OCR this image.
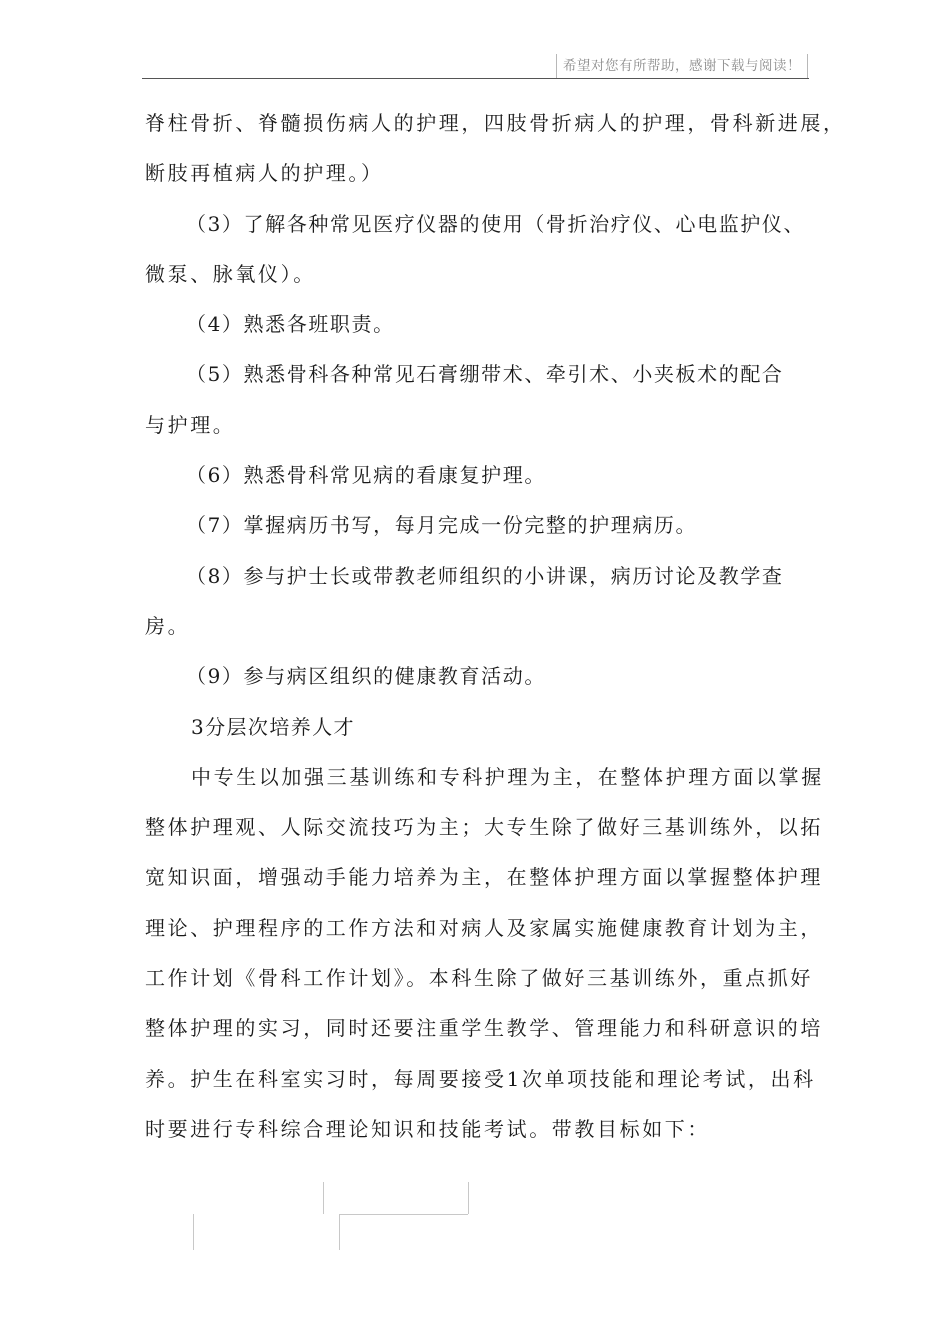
希望对您有所帮助，感谢下载与阅读！
脊柱骨折、脊髓损伤病人的护理，四肢骨折病人的护理，骨科新进展，
断肢再植病人的护理。）
（3）了解各种常见医疗仪器的使用（骨折治疗仪、心电监护仪、
微泵、脉氧仪）。
（4）熟悉各班职责。
（5）熟悉骨科各种常见石膏绷带术、牵引术、小夹板术的配合
与护理。
（6）熟悉骨科常见病的看康复护理。
（7）掌握病历书写，每月完成一份完整的护理病历。
（8）参与护士长或带教老师组织的小讲课，病历讨论及教学查
房。
（9）参与病区组织的健康教育活动。
3分层次培养人才
中专生以加强三基训练和专科护理为主，在整体护理方面以掌握
整体护理观、人际交流技巧为主；大专生除了做好三基训练外，以拓
宽知识面，增强动手能力培养为主，在整体护理方面以掌握整体护理
理论、护理程序的工作方法和对病人及家属实施健康教育计划为主，
工作计划《骨科工作计划》。本科生除了做好三基训练外，重点抓好
整体护理的实习，同时还要注重学生教学、管理能力和科研意识的培
养。护生在科室实习时，每周要接受1次单项技能和理论考试，出科
时要进行专科综合理论知识和技能考试。带教目标如下：
